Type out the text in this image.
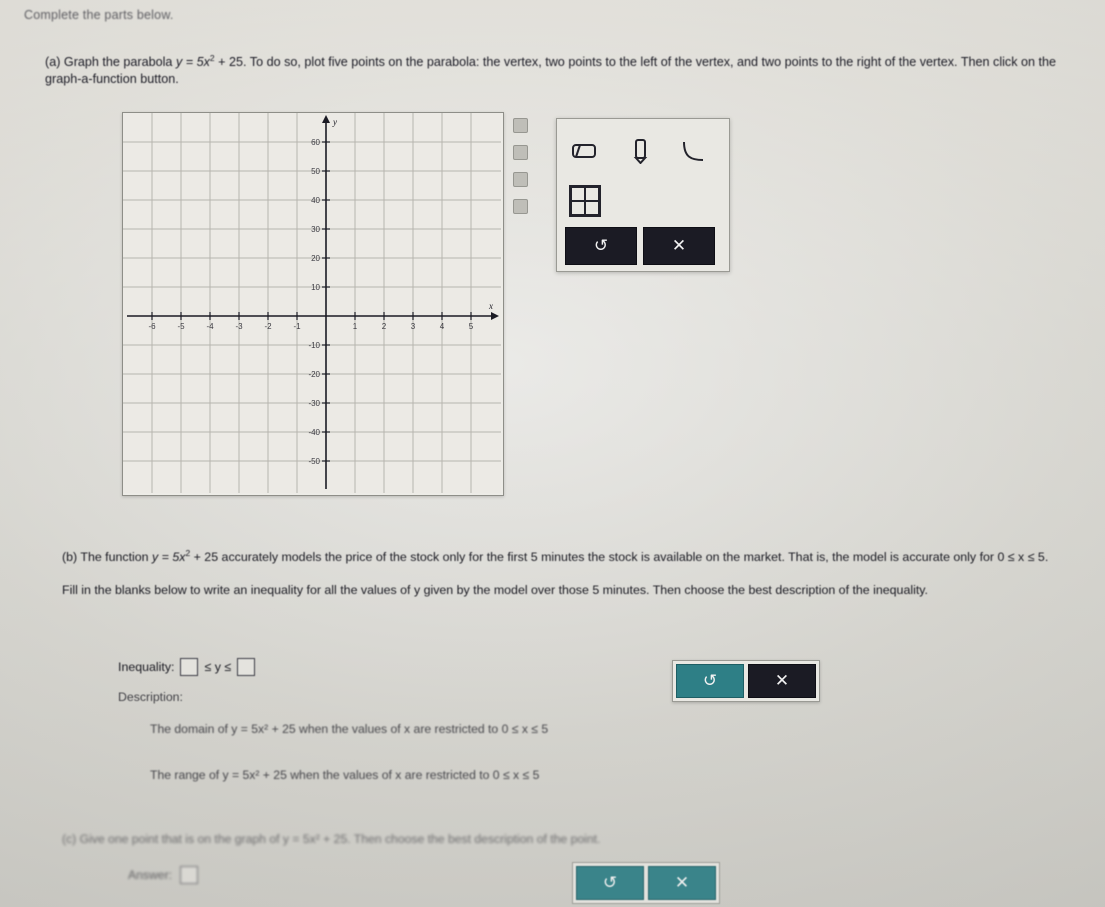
Complete the parts below.
(a) Graph the parabola $y = 5x^2 + 25$. To do so, plot five points on the parabola: the vertex, two points to the left of the vertex, and two points to the right of the vertex. Then click on the graph-a-function button.
-6	-5	-4	-3	-2	-1	1	2	3	4	5
60
50
40
30
20
10
-10
-20
-30
-40
-50
y
x
↺	✕

(b) The function $y = 5x^2 + 25$ accurately models the price of the stock only for the first 5 minutes the stock is available on the market. That is, the model is accurate only for 0 ≤ x ≤ 5.

Fill in the blanks below to write an inequality for all the values of y given by the model over those 5 minutes. Then choose the best description of the inequality.

Inequality: ≤ y ≤
Description:
The domain of y = 5x² + 25 when the values of x are restricted to 0 ≤ x ≤ 5
The range of y = 5x² + 25 when the values of x are restricted to 0 ≤ x ≤ 5
↺	✕
(c) Give one point that is on the graph of y = 5x² + 25. Then choose the best description of the point.
Answer:	↺	✕
